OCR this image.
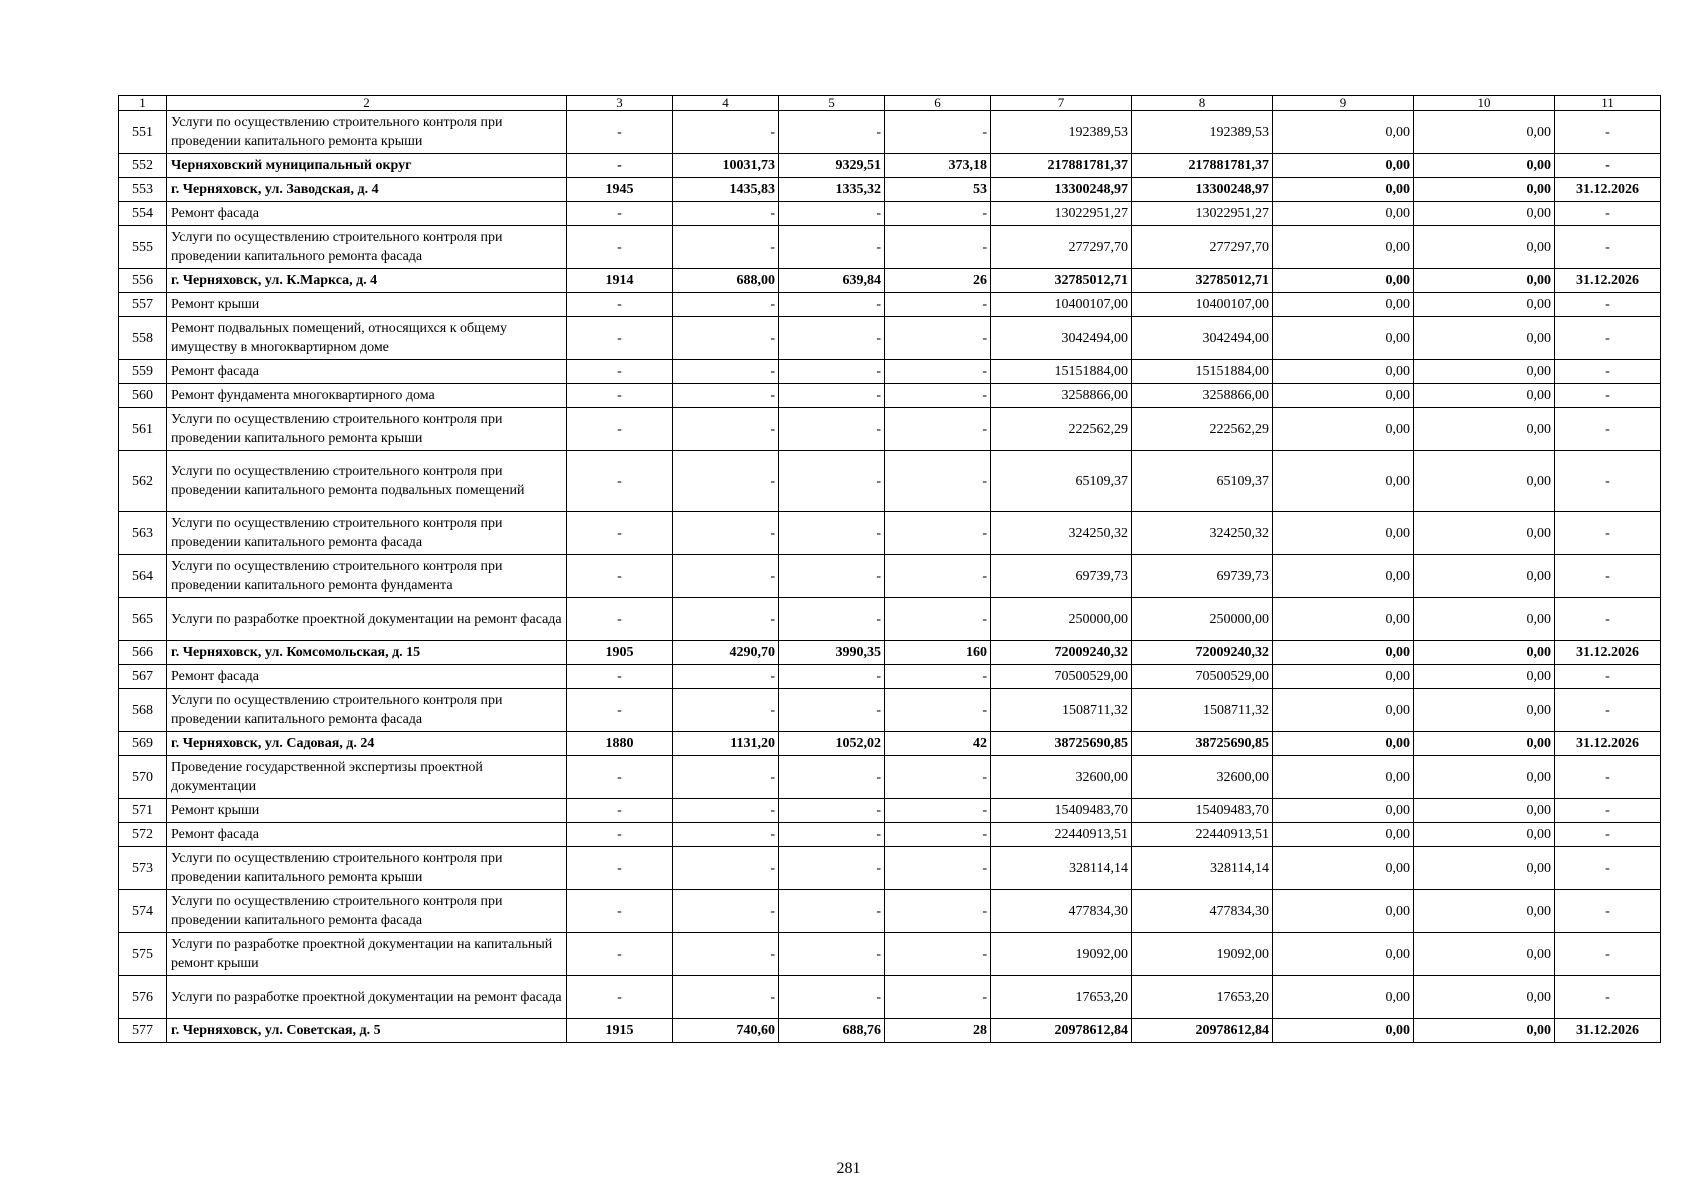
1	2	3	4	5	6	7	8	9	10	11
551	Услуги по осуществлению строительного контроля при проведении капитального ремонта крыши	-	-	-	-	192389,53	192389,53	0,00	0,00	-
552	Черняховский муниципальный округ	-	10031,73	9329,51	373,18	217881781,37	217881781,37	0,00	0,00	-
553	г. Черняховск, ул. Заводская, д. 4	1945	1435,83	1335,32	53	13300248,97	13300248,97	0,00	0,00	31.12.2026
554	Ремонт фасада	-	-	-	-	13022951,27	13022951,27	0,00	0,00	-
555	Услуги по осуществлению строительного контроля при проведении капитального ремонта фасада	-	-	-	-	277297,70	277297,70	0,00	0,00	-
556	г. Черняховск, ул. К.Маркса, д. 4	1914	688,00	639,84	26	32785012,71	32785012,71	0,00	0,00	31.12.2026
557	Ремонт крыши	-	-	-	-	10400107,00	10400107,00	0,00	0,00	-
558	Ремонт подвальных помещений, относящихся к общему имуществу в многоквартирном доме	-	-	-	-	3042494,00	3042494,00	0,00	0,00	-
559	Ремонт фасада	-	-	-	-	15151884,00	15151884,00	0,00	0,00	-
560	Ремонт фундамента многоквартирного дома	-	-	-	-	3258866,00	3258866,00	0,00	0,00	-
561	Услуги по осуществлению строительного контроля при проведении капитального ремонта крыши	-	-	-	-	222562,29	222562,29	0,00	0,00	-
562	Услуги по осуществлению строительного контроля при проведении капитального ремонта подвальных помещений	-	-	-	-	65109,37	65109,37	0,00	0,00	-
563	Услуги по осуществлению строительного контроля при проведении капитального ремонта фасада	-	-	-	-	324250,32	324250,32	0,00	0,00	-
564	Услуги по осуществлению строительного контроля при проведении капитального ремонта фундамента	-	-	-	-	69739,73	69739,73	0,00	0,00	-
565	Услуги по разработке проектной документации на ремонт фасада	-	-	-	-	250000,00	250000,00	0,00	0,00	-
566	г. Черняховск, ул. Комсомольская, д. 15	1905	4290,70	3990,35	160	72009240,32	72009240,32	0,00	0,00	31.12.2026
567	Ремонт фасада	-	-	-	-	70500529,00	70500529,00	0,00	0,00	-
568	Услуги по осуществлению строительного контроля при проведении капитального ремонта фасада	-	-	-	-	1508711,32	1508711,32	0,00	0,00	-
569	г. Черняховск, ул. Садовая, д. 24	1880	1131,20	1052,02	42	38725690,85	38725690,85	0,00	0,00	31.12.2026
570	Проведение государственной экспертизы проектной документации	-	-	-	-	32600,00	32600,00	0,00	0,00	-
571	Ремонт крыши	-	-	-	-	15409483,70	15409483,70	0,00	0,00	-
572	Ремонт фасада	-	-	-	-	22440913,51	22440913,51	0,00	0,00	-
573	Услуги по осуществлению строительного контроля при проведении капитального ремонта крыши	-	-	-	-	328114,14	328114,14	0,00	0,00	-
574	Услуги по осуществлению строительного контроля при проведении капитального ремонта фасада	-	-	-	-	477834,30	477834,30	0,00	0,00	-
575	Услуги по разработке проектной документации на капитальный ремонт крыши	-	-	-	-	19092,00	19092,00	0,00	0,00	-
576	Услуги по разработке проектной документации на ремонт фасада	-	-	-	-	17653,20	17653,20	0,00	0,00	-
577	г. Черняховск, ул. Советская, д. 5	1915	740,60	688,76	28	20978612,84	20978612,84	0,00	0,00	31.12.2026
281
